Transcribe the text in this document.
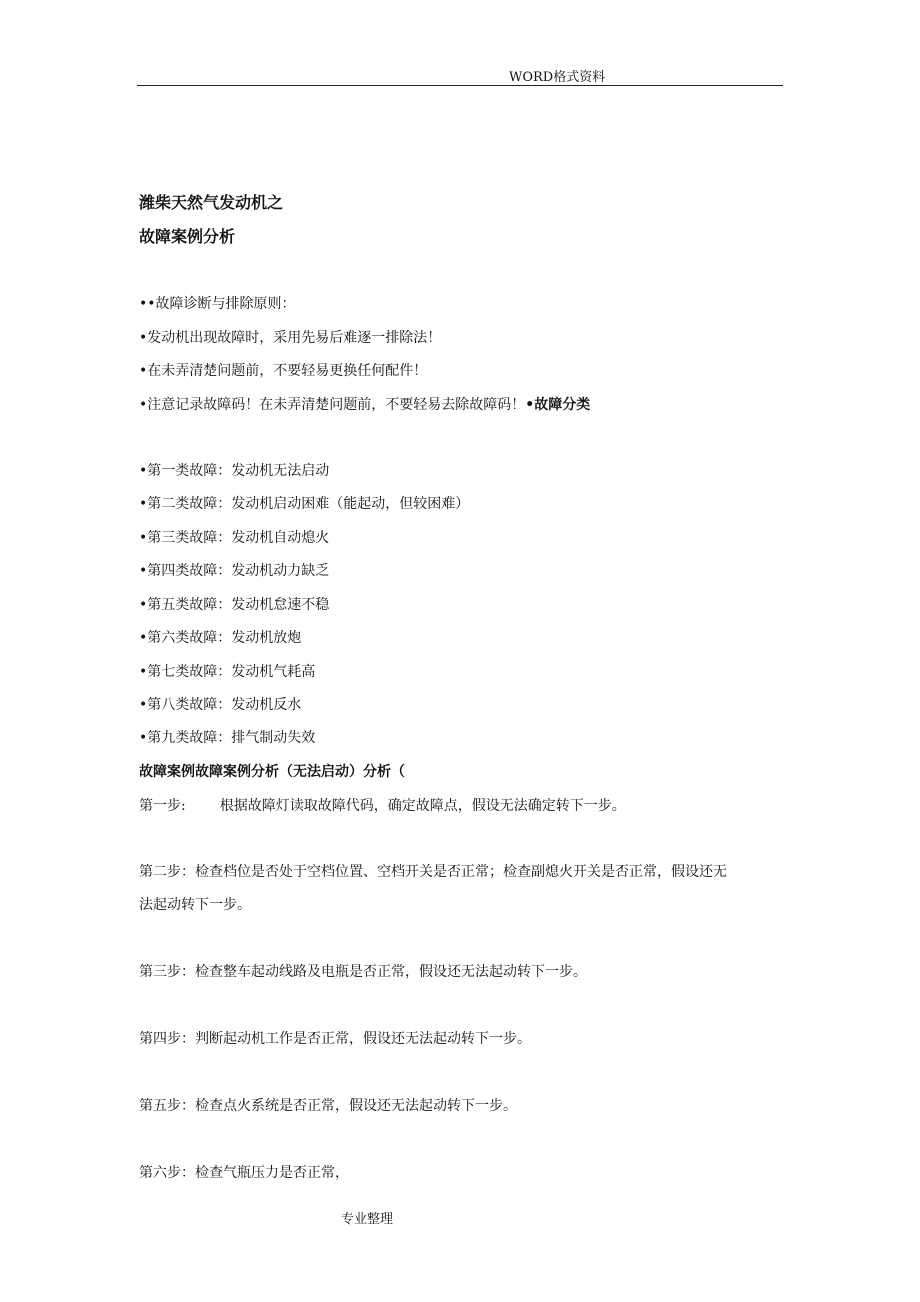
WORD格式资料
潍柴天然气发动机之
故障案例分析
••故障诊断与排除原则：
•发动机出现故障时，采用先易后难逐一排除法！
•在未弄清楚问题前，不要轻易更换任何配件！
•注意记录故障码！在未弄清楚问题前，不要轻易去除故障码！•故障分类
•第一类故障：发动机无法启动
•第二类故障：发动机启动困难（能起动，但较困难）
•第三类故障：发动机自动熄火
•第四类故障：发动机动力缺乏
•第五类故障：发动机怠速不稳
•第六类故障：发动机放炮
•第七类故障：发动机气耗高
•第八类故障：发动机反水
•第九类故障：排气制动失效
故障案例故障案例分析（无法启动）分析（
第一步: 根据故障灯读取故障代码，确定故障点，假设无法确定转下一步。
第二步：检查档位是否处于空档位置、空档开关是否正常；检查副熄火开关是否正常，假设还无
法起动转下一步。
第三步：检查整车起动线路及电瓶是否正常，假设还无法起动转下一步。
第四步：判断起动机工作是否正常，假设还无法起动转下一步。
第五步：检查点火系统是否正常，假设还无法起动转下一步。
第六步：检查气瓶压力是否正常，
专业整理
